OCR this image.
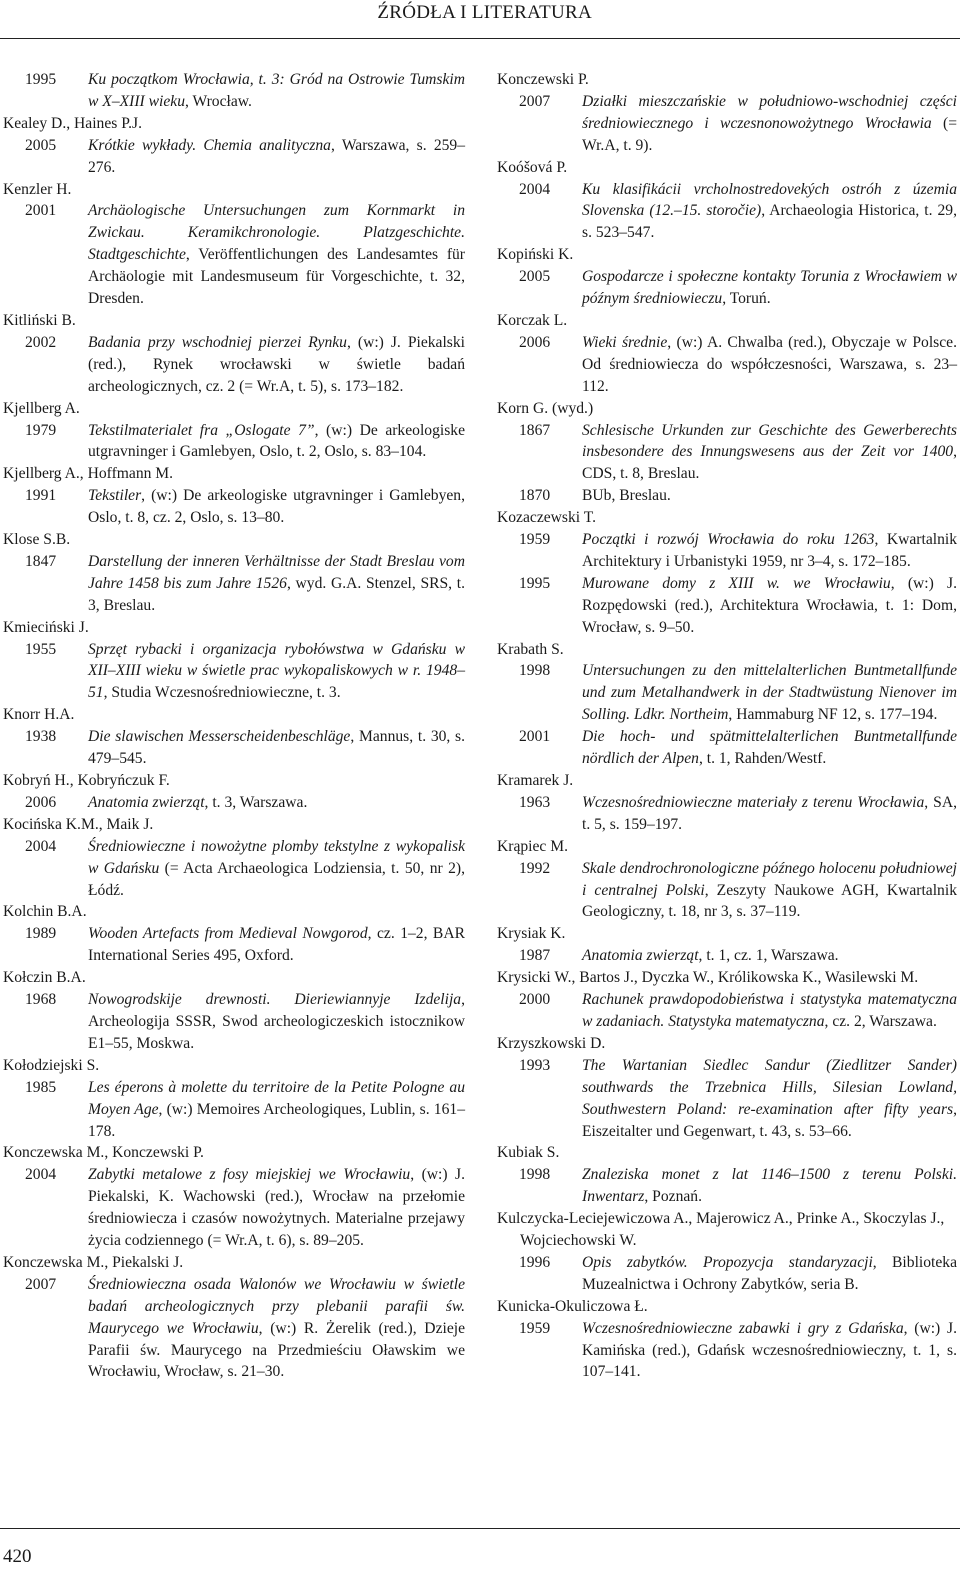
ŹRÓDŁA I LITERATURA

1995	Ku początkom Wrocławia, t. 3: Gród na Ostrowie Tumskim w X–XIII wieku, Wrocław.

Kealey D., Haines P.J.

2005	Krótkie wykłady. Chemia analityczna, Warszawa, s. 259–276.

Kenzler H.

2001	Archäologische Untersuchungen zum Kornmarkt in Zwickau. Keramikchronologie. Platzgeschichte. Stadtgeschichte, Veröffentlichungen des Landesamtes für Archäologie mit Landesmuseum für Vorgeschichte, t. 32, Dresden.

Kitliński B.

2002	Badania przy wschodniej pierzei Rynku, (w:) J. Piekalski (red.), Rynek wrocławski w świetle badań archeologicznych, cz. 2 (= Wr.A, t. 5), s. 173–182.

Kjellberg A.

1979	Tekstilmaterialet fra „Oslogate 7”, (w:) De arkeologiske utgravninger i Gamlebyen, Oslo, t. 2, Oslo, s. 83–104.

Kjellberg A., Hoffmann M.

1991	Tekstiler, (w:) De arkeologiske utgravninger i Gamlebyen, Oslo, t. 8, cz. 2, Oslo, s. 13–80.

Klose S.B.

1847	Darstellung der inneren Verhältnisse der Stadt Breslau vom Jahre 1458 bis zum Jahre 1526, wyd. G.A. Stenzel, SRS, t. 3, Breslau.

Kmieciński J.

1955	Sprzęt rybacki i organizacja rybołówstwa w Gdańsku w XII–XIII wieku w świetle prac wykopaliskowych w r. 1948–51, Studia Wczesnośredniowieczne, t. 3.

Knorr H.A.

1938	Die slawischen Messerscheidenbeschläge, Mannus, t. 30, s. 479–545.

Kobryń H., Kobryńczuk F.

2006	Anatomia zwierząt, t. 3, Warszawa.

Kocińska K.M., Maik J.

2004	Średniowieczne i nowożytne plomby tekstylne z wykopalisk w Gdańsku (= Acta Archaeologica Lodziensia, t. 50, nr 2), Łódź.

Kolchin B.A.

1989	Wooden Artefacts from Medieval Nowgorod, cz. 1–2, BAR International Series 495, Oxford.

Kołczin B.A.

1968	Nowogrodskije drewnosti. Dieriewiannyje Izdelija, Archeologija SSSR, Swod archeologiczeskich istocznikow E1–55, Moskwa.

Kołodziejski S.

1985	Les éperons à molette du territoire de la Petite Pologne au Moyen Age, (w:) Memoires Archeologiques, Lublin, s. 161–178.

Konczewska M., Konczewski P.

2004	Zabytki metalowe z fosy miejskiej we Wrocławiu, (w:) J. Piekalski, K. Wachowski (red.), Wrocław na przełomie średniowiecza i czasów nowożytnych. Materialne przejawy życia codziennego (= Wr.A, t. 6), s. 89–205.

Konczewska M., Piekalski J.

2007	Średniowieczna osada Walonów we Wrocławiu w świetle badań archeologicznych przy plebanii parafii św. Maurycego we Wrocławiu, (w:) R. Żerelik (red.), Dzieje Parafii św. Maurycego na Przedmieściu Oławskim we Wrocławiu, Wrocław, s. 21–30.

Konczewski P.

2007	Działki mieszczańskie w południowo-wschodniej części średniowiecznego i wczesnonowożytnego Wrocławia (= Wr.A, t. 9).

Koóšová P.

2004	Ku klasifikácii vrcholnostredovekých ostróh z územia Slovenska (12.–15. storočie), Archaeologia Historica, t. 29, s. 523–547.

Kopiński K.

2005	Gospodarcze i społeczne kontakty Torunia z Wrocławiem w późnym średniowieczu, Toruń.

Korczak L.

2006	Wieki średnie, (w:) A. Chwalba (red.), Obyczaje w Polsce. Od średniowiecza do współczesności, Warszawa, s. 23–112.

Korn G. (wyd.)

1867	Schlesische Urkunden zur Geschichte des Gewerberechts insbesondere des Innungswesens aus der Zeit vor 1400, CDS, t. 8, Breslau.

1870	BUb, Breslau.

Kozaczewski T.

1959	Początki i rozwój Wrocławia do roku 1263, Kwartalnik Architektury i Urbanistyki 1959, nr 3–4, s. 172–185.

1995	Murowane domy z XIII w. we Wrocławiu, (w:) J. Rozpędowski (red.), Architektura Wrocławia, t. 1: Dom, Wrocław, s. 9–50.

Krabath S.

1998	Untersuchungen zu den mittelalterlichen Buntmetallfunde und zum Metalhandwerk in der Stadtwüstung Nienover im Solling. Ldkr. Northeim, Hammaburg NF 12, s. 177–194.

2001	Die hoch- und spätmittelalterlichen Buntmetallfunde nördlich der Alpen, t. 1, Rahden/Westf.

Kramarek J.

1963	Wczesnośredniowieczne materiały z terenu Wrocławia, SA, t. 5, s. 159–197.

Krąpiec M.

1992	Skale dendrochronologiczne późnego holocenu południowej i centralnej Polski, Zeszyty Naukowe AGH, Kwartalnik Geologiczny, t. 18, nr 3, s. 37–119.

Krysiak K.

1987	Anatomia zwierząt, t. 1, cz. 1, Warszawa.

Krysicki W., Bartos J., Dyczka W., Królikowska K., Wasilewski M.

2000	Rachunek prawdopodobieństwa i statystyka matematyczna w zadaniach. Statystyka matematyczna, cz. 2, Warszawa.

Krzyszkowski D.

1993	The Wartanian Siedlec Sandur (Ziedlitzer Sander) southwards the Trzebnica Hills, Silesian Lowland, Southwestern Poland: re-examination after fifty years, Eiszeitalter und Gegenwart, t. 43, s. 53–66.

Kubiak S.

1998	Znaleziska monet z lat 1146–1500 z terenu Polski. Inwentarz, Poznań.

Kulczycka-Leciejewiczowa A., Majerowicz A., Prinke A., Skoczylas J., Wojciechowski W.

1996	Opis zabytków. Propozycja standaryzacji, Biblioteka Muzealnictwa i Ochrony Zabytków, seria B.

Kunicka-Okuliczowa Ł.

1959	Wczesnośredniowieczne zabawki i gry z Gdańska, (w:) J. Kamińska (red.), Gdańsk wczesnośredniowieczny, t. 1, s. 107–141.

420
